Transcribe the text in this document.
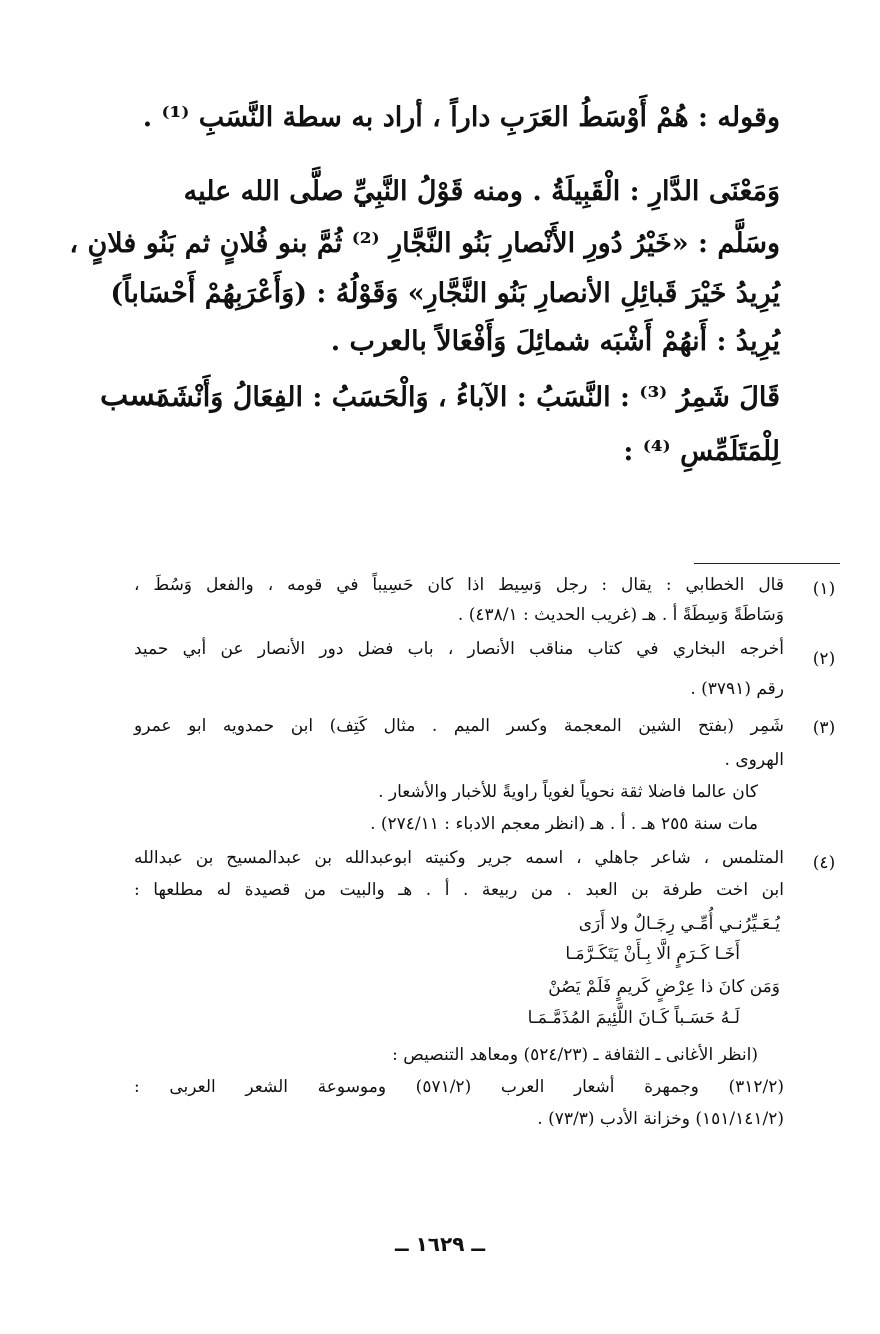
وقوله : هُمْ أَوْسَطُ العَرَبِ داراً ، أراد به سطة النَّسَبِ ⁽¹⁾ .
وَمَعْنَى الدَّارِ : الْقَبِيلَةُ . ومنه قَوْلُ النَّبِيِّ صلَّى الله عليه
وسَلَّم : «خَيْرُ دُورِ الأَنْصارِ بَنُو النَّجَّارِ ⁽²⁾ ثُمَّ بنو فُلانٍ ثم بَنُو فلانٍ ،
يُرِيدُ خَيْرَ قَبائِلِ الأنصارِ بَنُو النَّجَّارِ» وَقَوْلُهُ : (وَأَعْرَبِهُمْ أَحْسَاباً)
يُرِيدُ : أَنهُمْ أَشْبَه شمائِلَ وَأَفْعَالاً بالعرب .
قَالَ شَمِرُ ⁽³⁾ : النَّسَبُ : الآباءُ ، وَالْحَسَبُ : الفِعَالُ وَأَنْشَدَ
لِلْمَتَلَمِّسِ ⁽⁴⁾ :
نسب
(١)
قال الخطابي : يقال : رجل وَسِيط اذا كان حَسِيباً في قومه ، والفعل وَسُطَ ،
وَسَاطَةً وَسِطَةً أ . هـ (غريب الحديث : ٤٣٨/١) .
(٢)
أخرجه البخاري في كتاب مناقب الأنصار ، باب فضل دور الأنصار عن أبي حميد
رقم (٣٧٩١) .
(٣)
شَمِر (بفتح الشين المعجمة وكسر الميم . مثال كَتِف) ابن حمدويه ابو عمرو
الهروى .
كان عالما فاضلا ثقة نحوياً لغوياً راويةً للأخبار والأشعار .
مات سنة ٢٥٥ هـ . أ . هـ (انظر معجم الادباء : ٢٧٤/١١) .
(٤)
المتلمس ، شاعر جاهلي ، اسمه جرير وكنيته ابوعبدالله بن عبدالمسيح بن عبدالله
ابن اخت طرفة بن العبد . من ربيعة . أ . هـ والبيت من قصيدة له مطلعها :
يُـعَـيِّرُنـي أُمِّـي رِجَـالٌ ولا أَرَى
أَخَـا كَـرَمٍ الَّا بِـأَنْ يَتَكَـرَّمَـا
وَمَن كانَ ذا عِرْضٍ كَريمٍ فَلَمْ يَصُنْ
لَـهُ حَسَـباً كَـانَ اللَّئِيمَ المُذَمَّـمَـا
(انظر الأغانى ـ الثقافة ـ (٥٢٤/٢٣) ومعاهد التنصيص :
(٣١٢/٢) وجمهرة أشعار العرب (٥٧١/٢) وموسوعة الشعر العربى :
(١٥١/١٤١/٢) وخزانة الأدب (٧٣/٣) .
ــ ١٦٢٩ ــ
